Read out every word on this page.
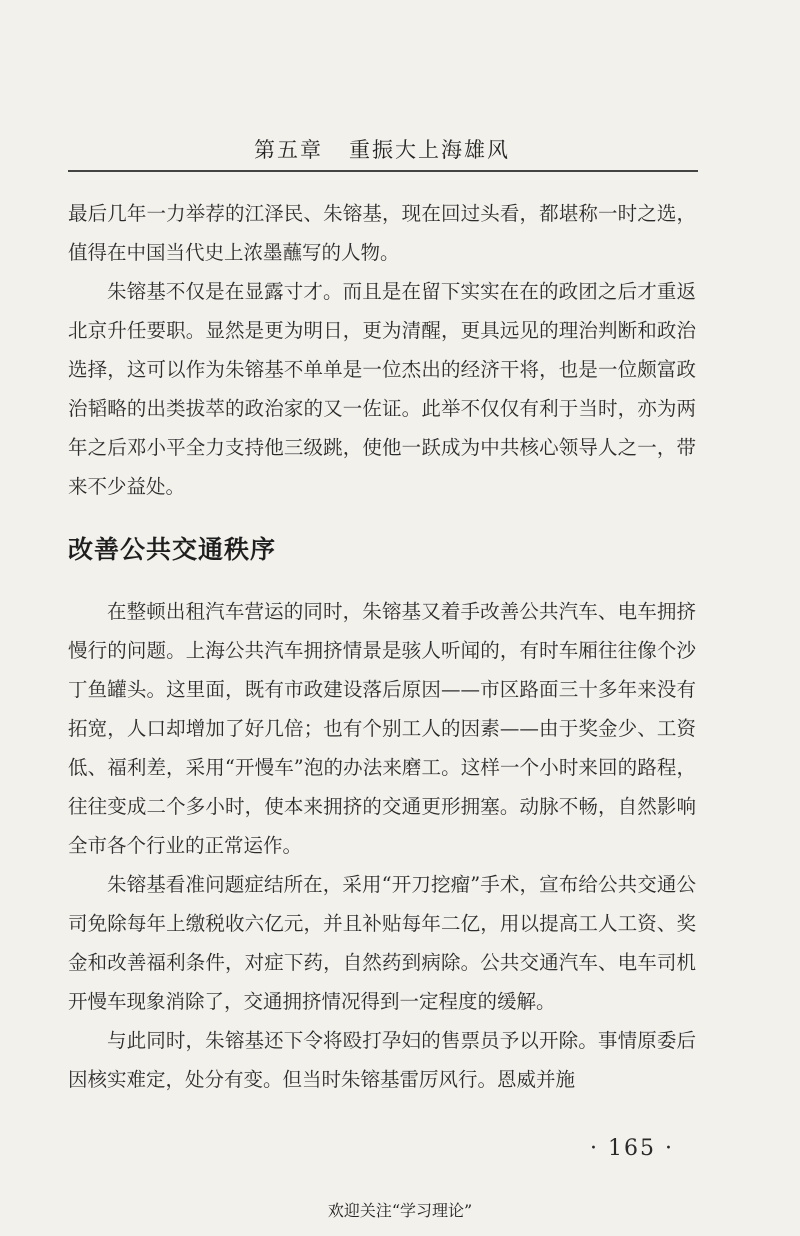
第五章 重振大上海雄风

最后几年一力举荐的江泽民、朱镕基，现在回过头看，都堪称一时之选，值得在中国当代史上浓墨蘸写的人物。

朱镕基不仅是在显露寸才。而且是在留下实实在在的政团之后才重返北京升任要职。显然是更为明日，更为清醒，更具远见的理治判断和政治选择，这可以作为朱镕基不单单是一位杰出的经济干将，也是一位颇富政治韬略的出类拔萃的政治家的又一佐证。此举不仅仅有利于当时，亦为两年之后邓小平全力支持他三级跳，使他一跃成为中共核心领导人之一，带来不少益处。

改善公共交通秩序

在整顿出租汽车营运的同时，朱镕基又着手改善公共汽车、电车拥挤慢行的问题。上海公共汽车拥挤情景是骇人听闻的，有时车厢往往像个沙丁鱼罐头。这里面，既有市政建设落后原因——市区路面三十多年来没有拓宽，人口却增加了好几倍；也有个别工人的因素——由于奖金少、工资低、福利差，采用“开慢车”泡的办法来磨工。这样一个小时来回的路程，往往变成二个多小时，使本来拥挤的交通更形拥塞。动脉不畅，自然影响全市各个行业的正常运作。

朱镕基看准问题症结所在，采用“开刀挖瘤”手术，宣布给公共交通公司免除每年上缴税收六亿元，并且补贴每年二亿，用以提高工人工资、奖金和改善福利条件，对症下药，自然药到病除。公共交通汽车、电车司机开慢车现象消除了，交通拥挤情况得到一定程度的缓解。

与此同时，朱镕基还下令将殴打孕妇的售票员予以开除。事情原委后因核实难定，处分有变。但当时朱镕基雷厉风行。恩威并施

· 165 ·
欢迎关注“学习理论”
